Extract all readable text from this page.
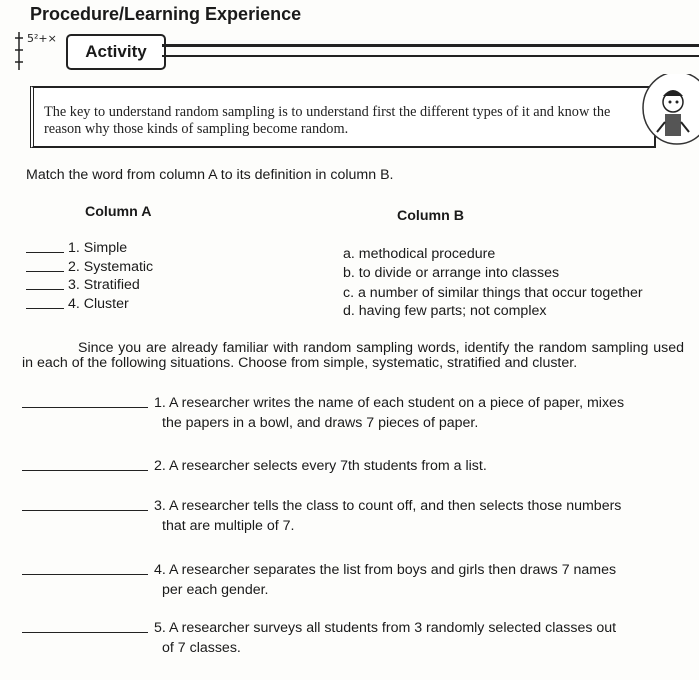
Procedure/Learning Experience
5²+×
Activity
The key to understand random sampling is to understand first the different types of it and know the reason why those kinds of sampling become random.
Match the word from column A to its definition in column B.
Column A	Column B
1. Simple
2. Systematic
3. Stratified
4. Cluster
a. methodical procedure
b. to divide or arrange into classes
c. a number of similar things that occur together
d. having few parts; not complex
Since you are already familiar with random sampling words, identify the random sampling used in each of the following situations. Choose from simple, systematic, stratified and cluster.
1. A researcher writes the name of each student on a piece of paper, mixes
the papers in a bowl, and draws 7 pieces of paper.
2. A researcher selects every 7th students from a list.
3. A researcher tells the class to count off, and then selects those numbers
that are multiple of 7.
4. A researcher separates the list from boys and girls then draws 7 names
per each gender.
5. A researcher surveys all students from 3 randomly selected classes out
of 7 classes.
